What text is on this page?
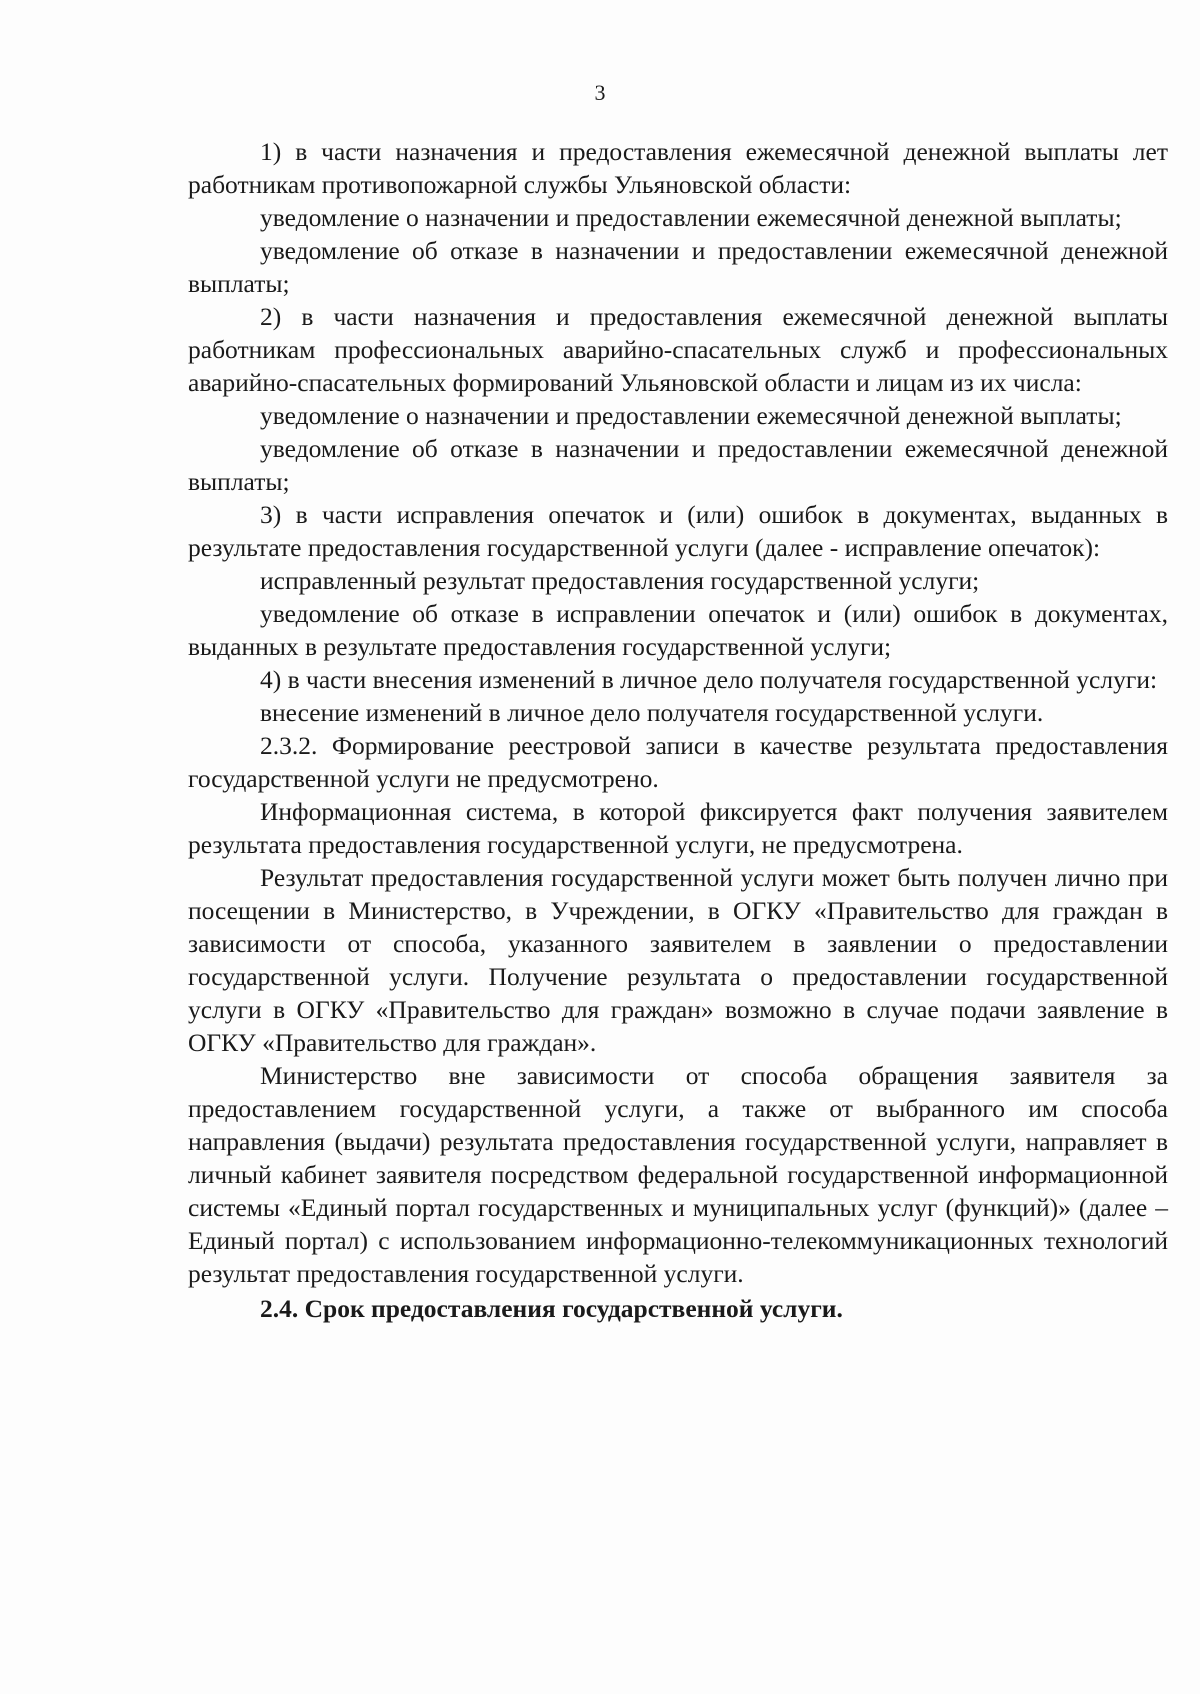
3

1) в части назначения и предоставления ежемесячной денежной выплаты лет работникам противопожарной службы Ульяновской области:

уведомление о назначении и предоставлении ежемесячной денежной выплаты;

уведомление об отказе в назначении и предоставлении ежемесячной денежной выплаты;

2) в части назначения и предоставления ежемесячной денежной выплаты работникам профессиональных аварийно-спасательных служб и профессиональных аварийно-спасательных формирований Ульяновской области и лицам из их числа:

уведомление о назначении и предоставлении ежемесячной денежной выплаты;

уведомление об отказе в назначении и предоставлении ежемесячной денежной выплаты;

3) в части исправления опечаток и (или) ошибок в документах, выданных в результате предоставления государственной услуги (далее - исправление опечаток):

исправленный результат предоставления государственной услуги;

уведомление об отказе в исправлении опечаток и (или) ошибок в документах, выданных в результате предоставления государственной услуги;

4) в части внесения изменений в личное дело получателя государственной услуги:

внесение изменений в личное дело получателя государственной услуги.

2.3.2. Формирование реестровой записи в качестве результата предоставления государственной услуги не предусмотрено.

Информационная система, в которой фиксируется факт получения заявителем результата предоставления государственной услуги, не предусмотрена.

Результат предоставления государственной услуги может быть получен лично при посещении в Министерство, в Учреждении, в ОГКУ «Правительство для граждан в зависимости от способа, указанного заявителем в заявлении о предоставлении государственной услуги. Получение результата о предоставлении государственной услуги в ОГКУ «Правительство для граждан» возможно в случае подачи заявление в ОГКУ «Правительство для граждан».

Министерство вне зависимости от способа обращения заявителя за предоставлением государственной услуги, а также от выбранного им способа направления (выдачи) результата предоставления государственной услуги, направляет в личный кабинет заявителя посредством федеральной государственной информационной системы «Единый портал государственных и муниципальных услуг (функций)» (далее – Единый портал) с использованием информационно-телекоммуникационных технологий результат предоставления государственной услуги.

2.4. Срок предоставления государственной услуги.
